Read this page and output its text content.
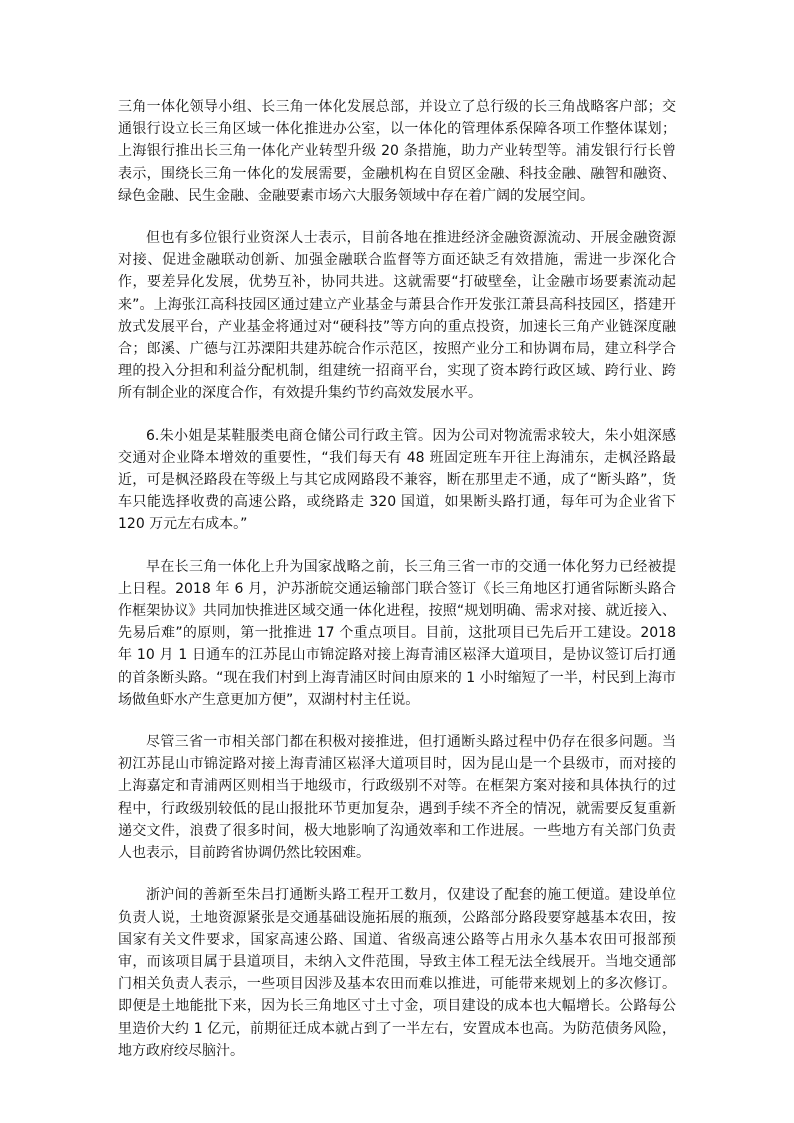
三角一体化领导小组、长三角一体化发展总部，并设立了总行级的长三角战略客户部；交通银行设立长三角区域一体化推进办公室，以一体化的管理体系保障各项工作整体谋划；上海银行推出长三角一体化产业转型升级 20 条措施，助力产业转型等。浦发银行行长曾表示，围绕长三角一体化的发展需要，金融机构在自贸区金融、科技金融、融智和融资、绿色金融、民生金融、金融要素市场六大服务领域中存在着广阔的发展空间。

但也有多位银行业资深人士表示，目前各地在推进经济金融资源流动、开展金融资源对接、促进金融联动创新、加强金融联合监督等方面还缺乏有效措施，需进一步深化合作，要差异化发展，优势互补，协同共进。这就需要“打破壁垒，让金融市场要素流动起来”。上海张江高科技园区通过建立产业基金与萧县合作开发张江萧县高科技园区，搭建开放式发展平台，产业基金将通过对“硬科技”等方向的重点投资，加速长三角产业链深度融合；郎溪、广德与江苏溧阳共建苏皖合作示范区，按照产业分工和协调布局，建立科学合理的投入分担和利益分配机制，组建统一招商平台，实现了资本跨行政区域、跨行业、跨所有制企业的深度合作，有效提升集约节约高效发展水平。

6.朱小姐是某鞋服类电商仓储公司行政主管。因为公司对物流需求较大，朱小姐深感交通对企业降本增效的重要性，“我们每天有 48 班固定班车开往上海浦东，走枫泾路最近，可是枫泾路段在等级上与其它成网路段不兼容，断在那里走不通，成了“断头路”，货车只能选择收费的高速公路，或绕路走 320 国道，如果断头路打通，每年可为企业省下 120 万元左右成本。”

早在长三角一体化上升为国家战略之前，长三角三省一市的交通一体化努力已经被提上日程。2018 年 6 月，沪苏浙皖交通运输部门联合签订《长三角地区打通省际断头路合作框架协议》共同加快推进区域交通一体化进程，按照“规划明确、需求对接、就近接入、先易后难”的原则，第一批推进 17 个重点项目。目前，这批项目已先后开工建设。2018 年 10 月 1 日通车的江苏昆山市锦淀路对接上海青浦区崧泽大道项目，是协议签订后打通的首条断头路。“现在我们村到上海青浦区时间由原来的 1 小时缩短了一半，村民到上海市场做鱼虾水产生意更加方便”，双湖村村主任说。

尽管三省一市相关部门都在积极对接推进，但打通断头路过程中仍存在很多问题。当初江苏昆山市锦淀路对接上海青浦区崧泽大道项目时，因为昆山是一个县级市，而对接的上海嘉定和青浦两区则相当于地级市，行政级别不对等。在框架方案对接和具体执行的过程中，行政级别较低的昆山报批环节更加复杂，遇到手续不齐全的情况，就需要反复重新递交文件，浪费了很多时间，极大地影响了沟通效率和工作进展。一些地方有关部门负责人也表示，目前跨省协调仍然比较困难。

浙沪间的善新至朱吕打通断头路工程开工数月，仅建设了配套的施工便道。建设单位负责人说，土地资源紧张是交通基础设施拓展的瓶颈，公路部分路段要穿越基本农田，按国家有关文件要求，国家高速公路、国道、省级高速公路等占用永久基本农田可报部预审，而该项目属于县道项目，未纳入文件范围，导致主体工程无法全线展开。当地交通部门相关负责人表示，一些项目因涉及基本农田而难以推进，可能带来规划上的多次修订。即便是土地能批下来，因为长三角地区寸土寸金，项目建设的成本也大幅增长。公路每公里造价大约 1 亿元，前期征迁成本就占到了一半左右，安置成本也高。为防范债务风险，地方政府绞尽脑汁。
